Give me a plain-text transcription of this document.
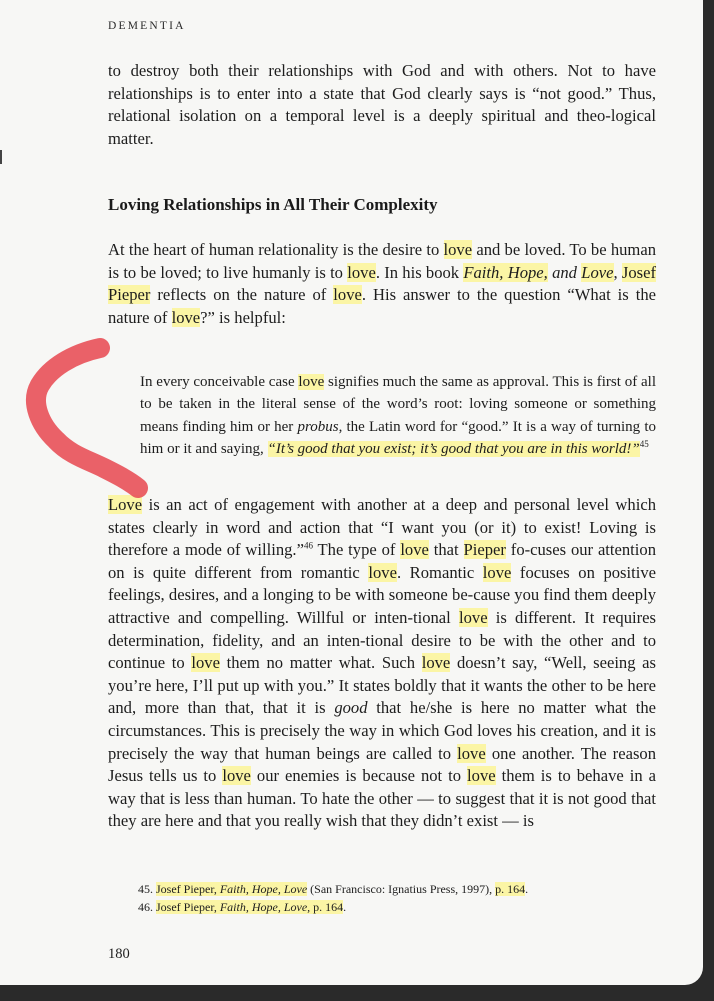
DEMENTIA

to destroy both their relationships with God and with others. Not to have relationships is to enter into a state that God clearly says is “not good.” Thus, relational isolation on a temporal level is a deeply spiritual and theo-logical matter.

Loving Relationships in All Their Complexity

At the heart of human relationality is the desire to love and be loved. To be human is to be loved; to live humanly is to love. In his book Faith, Hope, and Love, Josef Pieper reflects on the nature of love. His answer to the question “What is the nature of love?” is helpful:

In every conceivable case love signifies much the same as approval. This is first of all to be taken in the literal sense of the word’s root: loving someone or something means finding him or her probus, the Latin word for “good.” It is a way of turning to him or it and saying, “It’s good that you exist; it’s good that you are in this world!”$^{45}$

Love is an act of engagement with another at a deep and personal level which states clearly in word and action that “I want you (or it) to exist! Loving is therefore a mode of willing.”$^{46}$ The type of love that Pieper fo-cuses our attention on is quite different from romantic love. Romantic love focuses on positive feelings, desires, and a longing to be with someone be-cause you find them deeply attractive and compelling. Willful or inten-tional love is different. It requires determination, fidelity, and an inten-tional desire to be with the other and to continue to love them no matter what. Such love doesn’t say, “Well, seeing as you’re here, I’ll put up with you.” It states boldly that it wants the other to be here and, more than that, that it is good that he/she is here no matter what the circumstances. This is precisely the way in which God loves his creation, and it is precisely the way that human beings are called to love one another. The reason Jesus tells us to love our enemies is because not to love them is to behave in a way that is less than human. To hate the other — to suggest that it is not good that they are here and that you really wish that they didn’t exist — is

45. Josef Pieper, Faith, Hope, Love (San Francisco: Ignatius Press, 1997), p. 164.
46. Josef Pieper, Faith, Hope, Love, p. 164.
180
